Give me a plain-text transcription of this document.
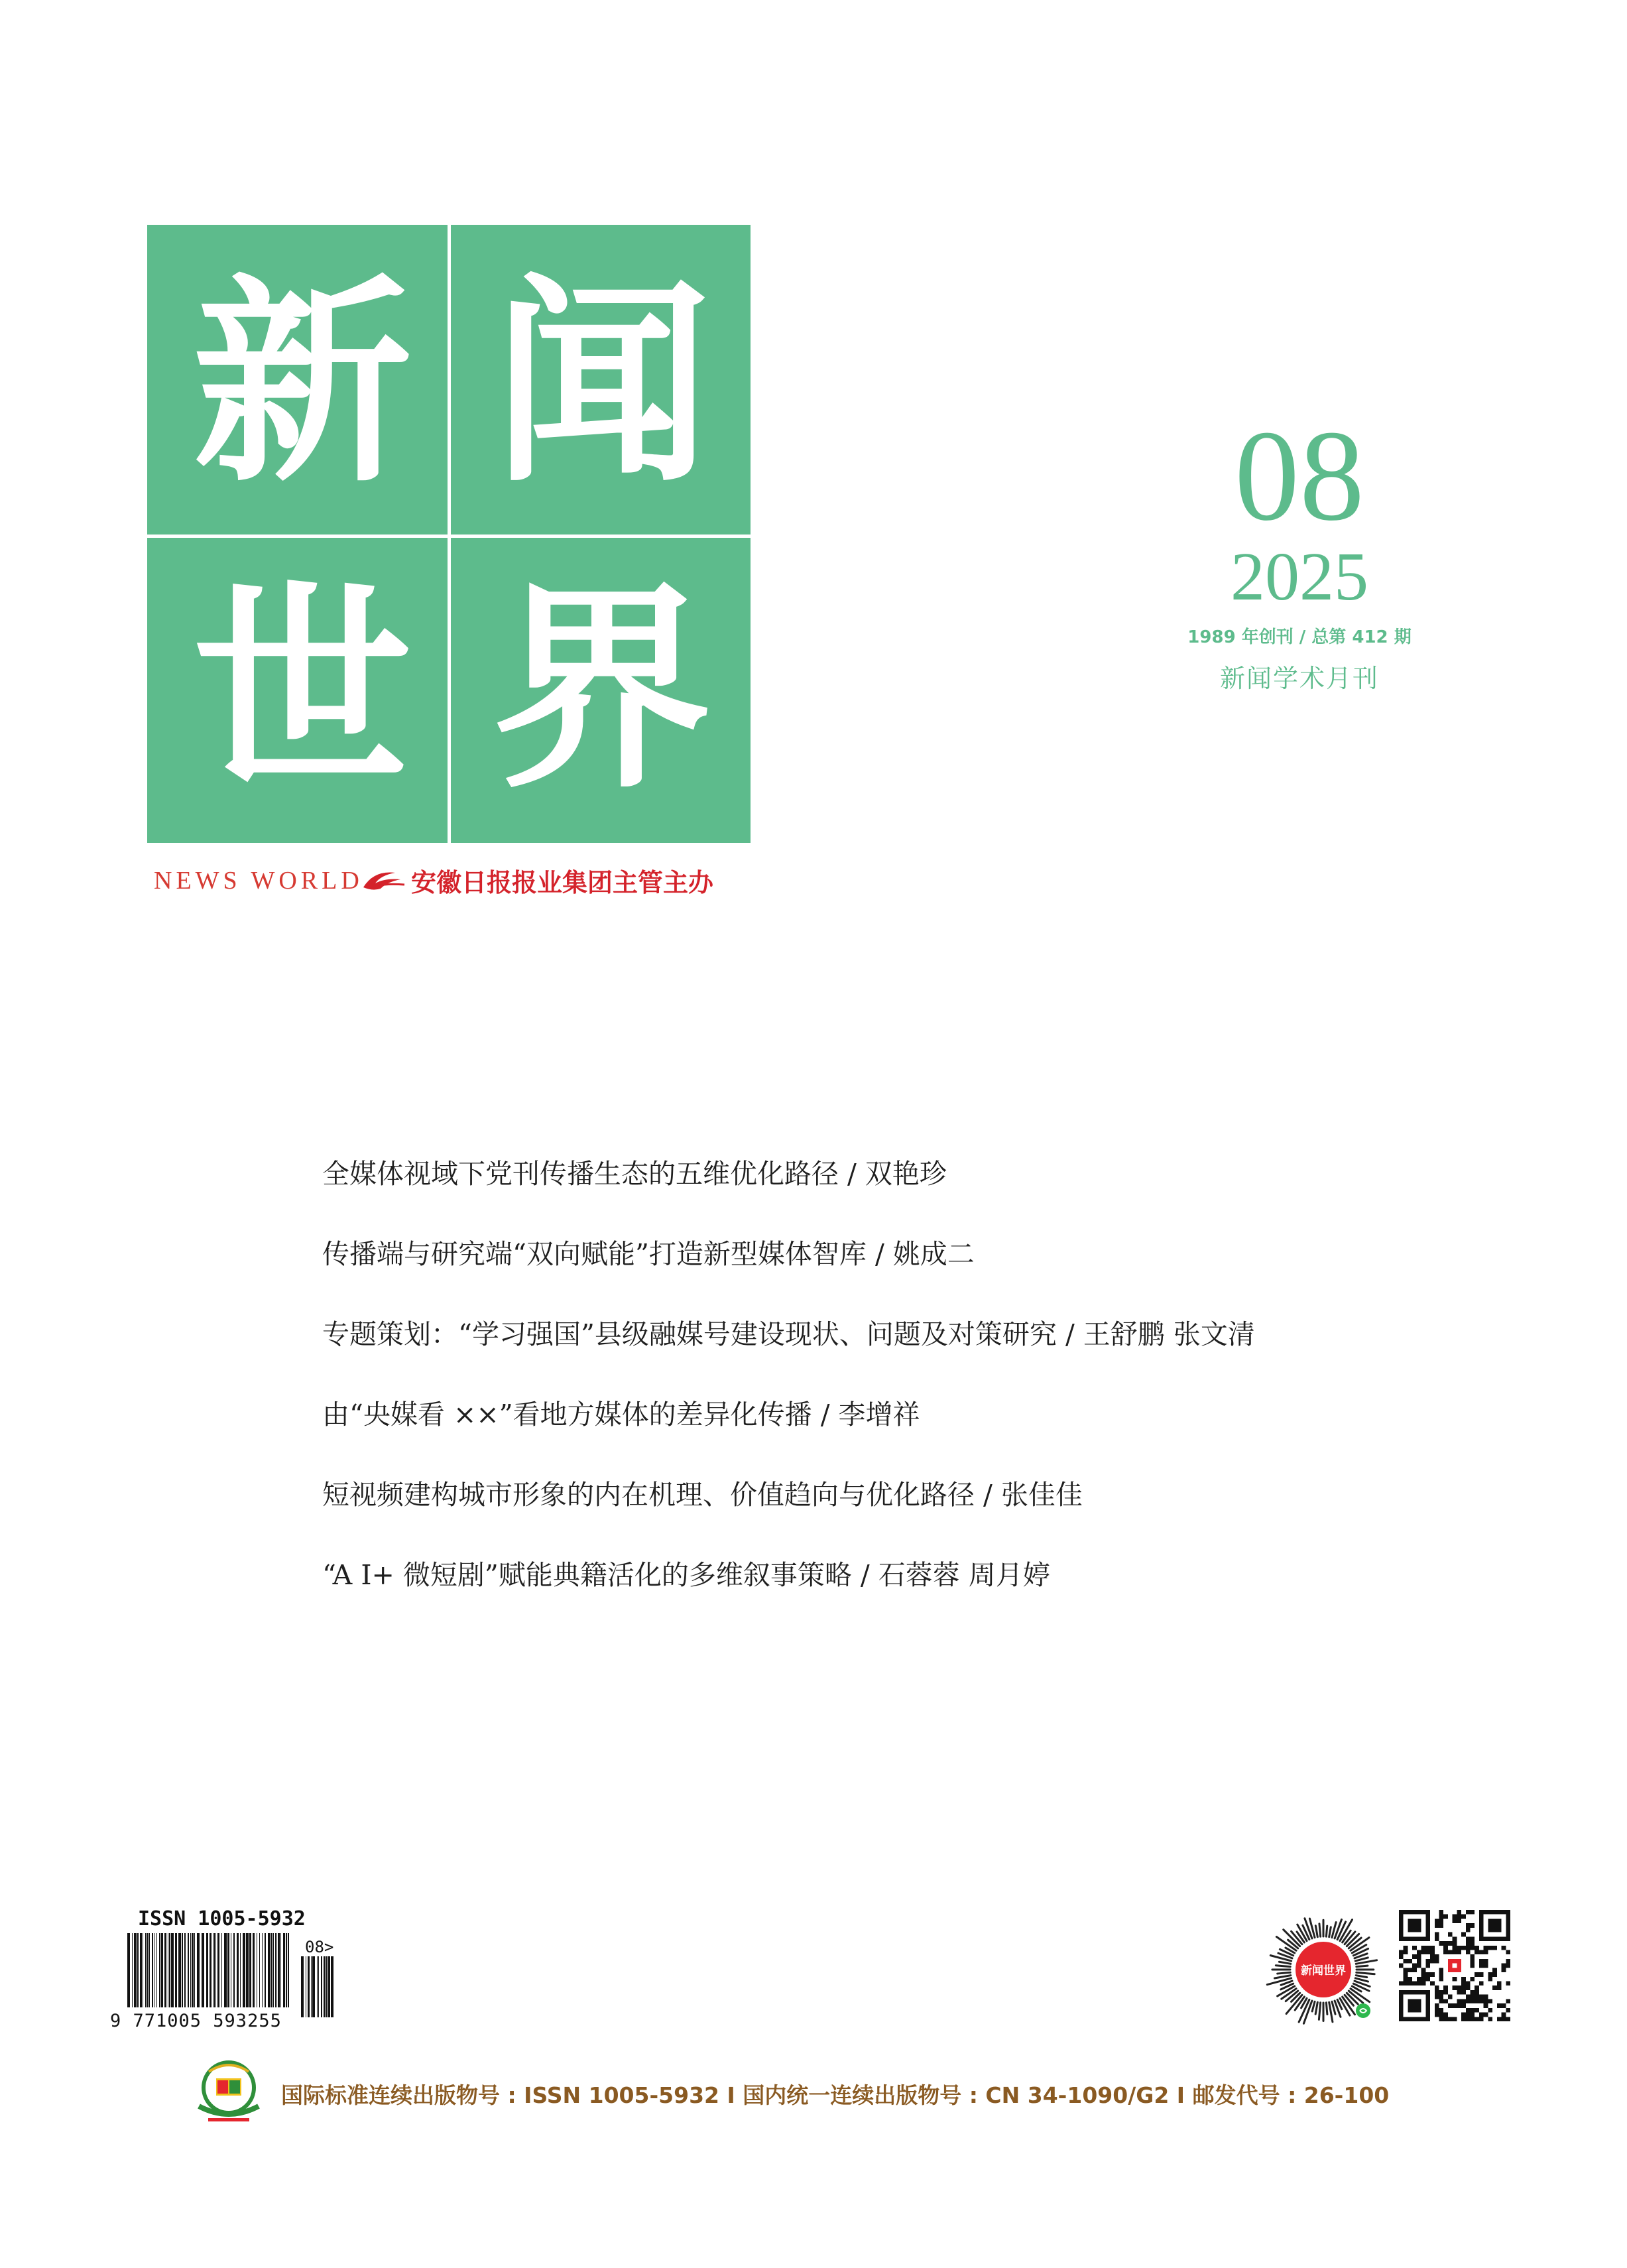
新 闻
世 界
NEWS WORLD 安徽日报报业集团主管主办
08
2025
1989 年创刊 / 总第 412 期
新闻学术月刊
全媒体视域下党刊传播生态的五维优化路径 / 双艳珍
传播端与研究端“双向赋能”打造新型媒体智库 / 姚成二
专题策划：“学习强国”县级融媒号建设现状、问题及对策研究 / 王舒鹏 张文清
由“央媒看 ××”看地方媒体的差异化传播 / 李增祥
短视频建构城市形象的内在机理、价值趋向与优化路径 / 张佳佳
“A I+ 微短剧”赋能典籍活化的多维叙事策略 / 石蓉蓉 周月婷
ISSN 1005-5932
9 771005 593255
08>
新闻世界
国际标准连续出版物号 : ISSN 1005-5932 I 国内统一连续出版物号 : CN 34-1090/G2 I 邮发代号 : 26-100
